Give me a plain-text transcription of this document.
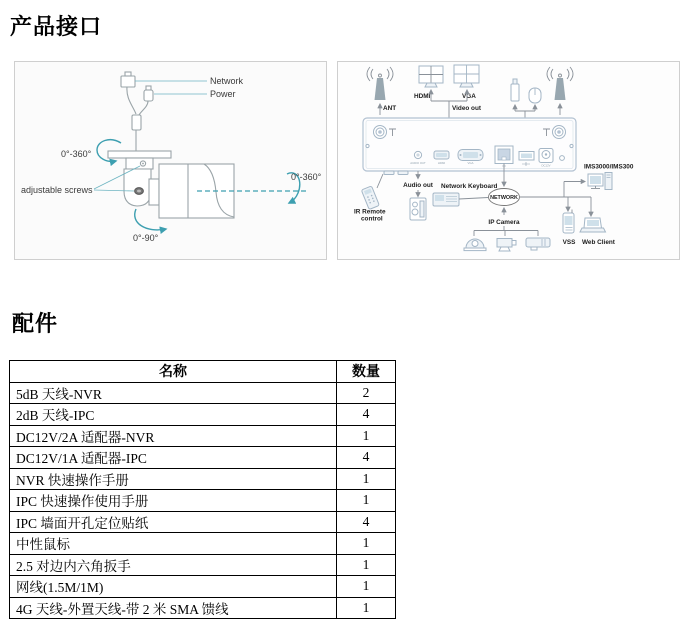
产品接口
Network
Power
0°-360°
adjustable screws
0°-90°
0°-360°
ANT
HDMI	VGA
Video out
AUDIO OUT	HDMI	VGA
DC12V	IMS3000/IMS300
IR Remote
control
Audio out Network Keyboard
NETWORK
IP Camera
VSS Web Client
配件
名称	数量
5dB 天线-NVR	2
2dB 天线-IPC	4
DC12V/2A 适配器-NVR	1
DC12V/1A 适配器-IPC	4
NVR 快速操作手册	1
IPC 快速操作使用手册	1
IPC 墙面开孔定位贴纸	4
中性鼠标	1
2.5 对边内六角扳手	1
网线(1.5M/1M)	1
4G 天线-外置天线-带 2 米 SMA 馈线	1
